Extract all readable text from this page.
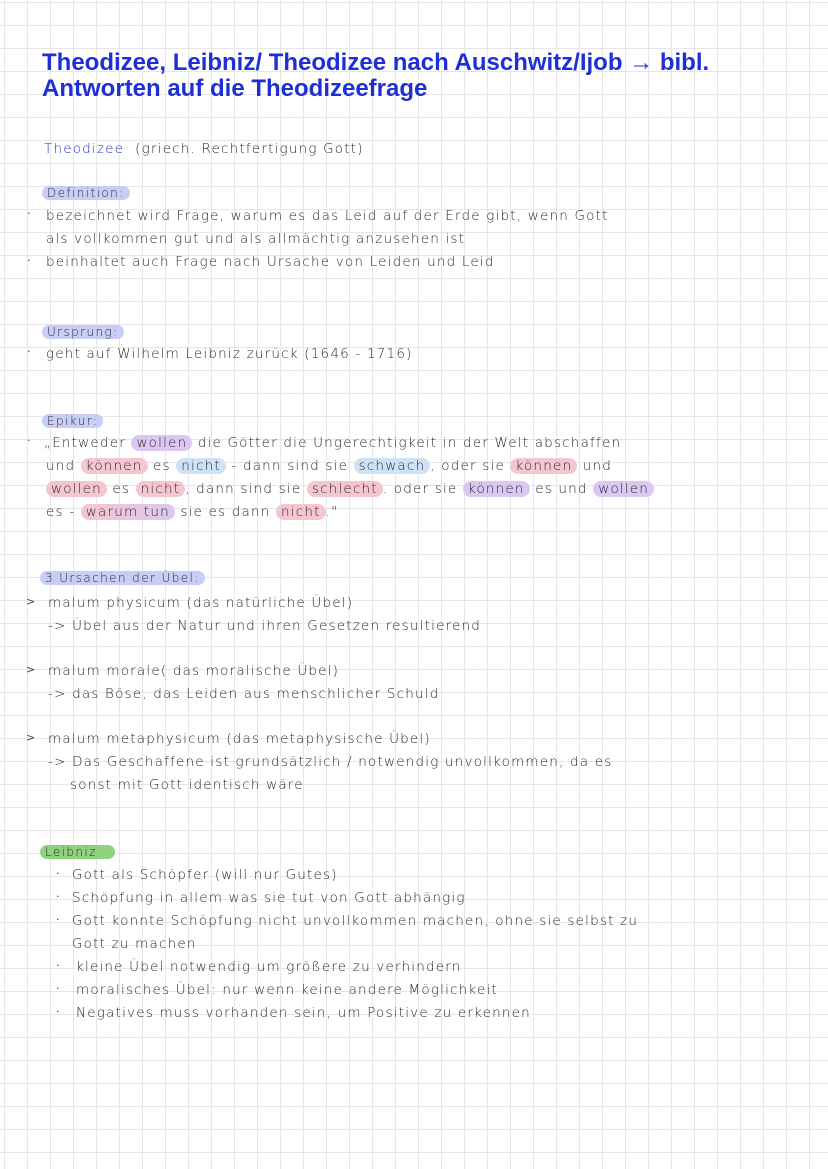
Theodizee, Leibniz/ Theodizee nach Auschwitz/Ijob → bibl. Antworten auf die Theodizeefrage
Theodizee (griech. Rechtfertigung Gott)
Definition:
· bezeichnet wird Frage, warum es das Leid auf der Erde gibt, wenn Gott
als vollkommen gut und als allmächtig anzusehen ist
· beinhaltet auch Frage nach Ursache von Leiden und Leid
Ursprung:
· geht auf Wilhelm Leibniz zurück (1646 - 1716)
Epikur:
· „Entweder wollen die Götter die Ungerechtigkeit in der Welt abschaffen
und können es nicht - dann sind sie schwach , oder sie können und
wollen es nicht , dann sind sie schlecht . oder sie können es und wollen
es - warum tun sie es dann nicht ."
3 Ursachen der Übel:
> malum physicum (das natürliche Übel)
-> Übel aus der Natur und ihren Gesetzen resultierend
> malum morale( das moralische Übel)
-> das Böse, das Leiden aus menschlicher Schuld
> malum metaphysicum (das metaphysische Übel)
-> Das Geschaffene ist grundsätzlich / notwendig unvollkommen, da es
sonst mit Gott identisch wäre
Leibniz
· Gott als Schöpfer (will nur Gutes)
· Schöpfung in allem was sie tut von Gott abhängig
· Gott konnte Schöpfung nicht unvollkommen machen, ohne sie selbst zu
Gott zu machen
· kleine Übel notwendig um größere zu verhindern
· moralisches Übel: nur wenn keine andere Möglichkeit
· Negatives muss vorhanden sein, um Positive zu erkennen
